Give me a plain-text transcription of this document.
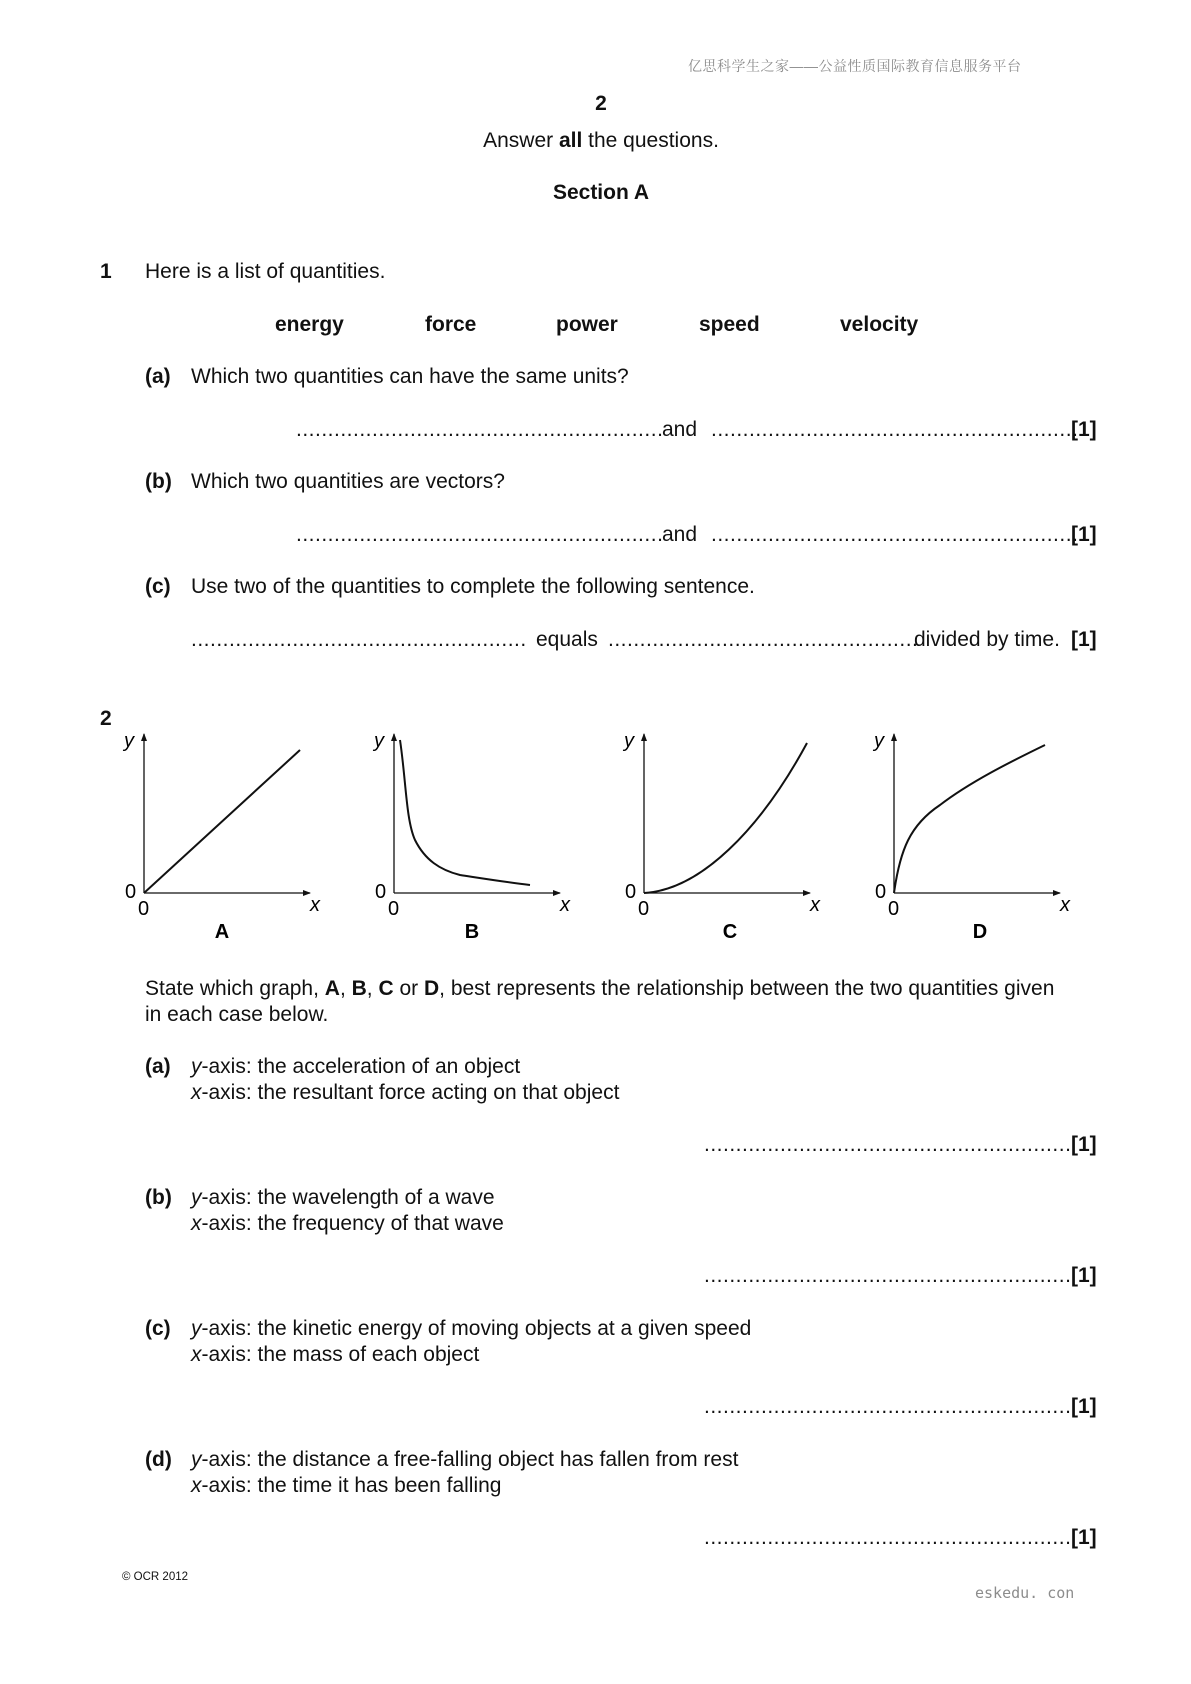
亿思科学生之家——公益性质国际教育信息服务平台
2
Answer all the questions.
Section A
1 Here is a list of quantities.
energy	force	power	speed	velocity
(a) Which two quantities can have the same units?
..........................................................
and ..........................................................
[1]
(b) Which two quantities are vectors?
..........................................................
and ..........................................................
[1]
(c) Use two of the quantities to complete the following sentence.
..................................................... equals .................................................
divided by time. [1]
2
y
x
0
0
A
y
x
0
0
B
y
x
0
0
C
y
x
0
0
D
State which graph, A, B, C or D, best represents the relationship between the two quantities given
in each case below.
(a) y-axis: the acceleration of an object
x-axis: the resultant force acting on that object
.......................................................... [1]
(b) y-axis: the wavelength of a wave
x-axis: the frequency of that wave
.......................................................... [1]
(c) y-axis: the kinetic energy of moving objects at a given speed
x-axis: the mass of each object
.......................................................... [1]
(d) y-axis: the distance a free-falling object has fallen from rest
x-axis: the time it has been falling
.......................................................... [1]
© OCR 2012
eskedu. con
